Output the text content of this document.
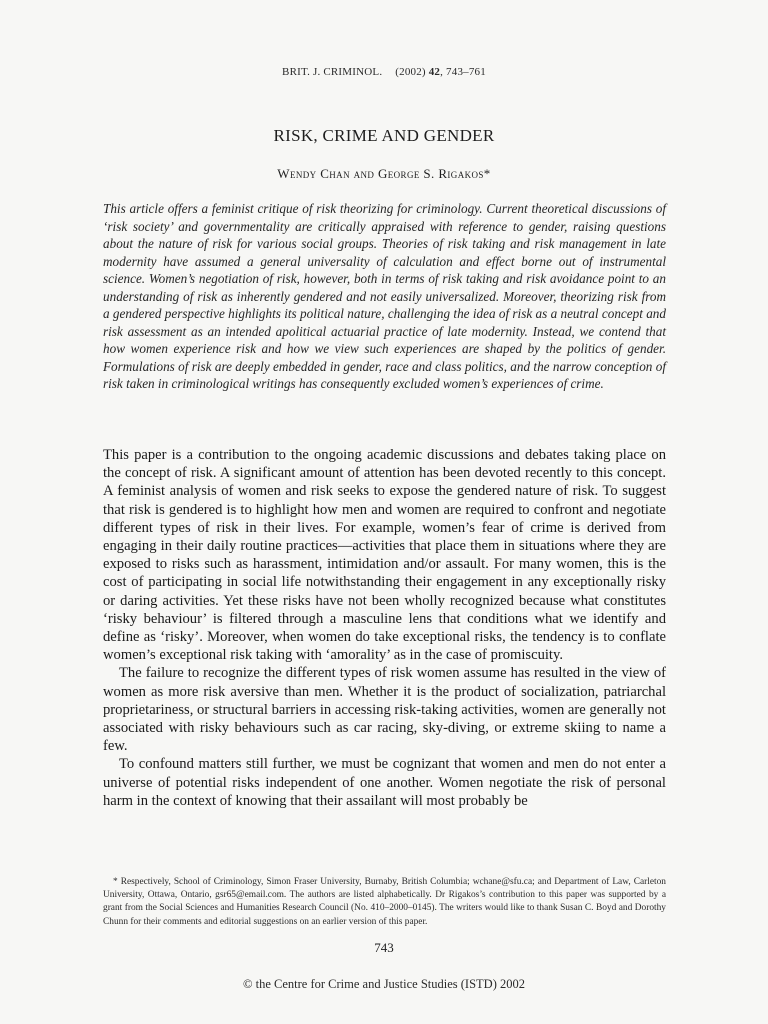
BRIT. J. CRIMINOL. (2002) 42, 743–761
RISK, CRIME AND GENDER
Wendy Chan and George S. Rigakos*
This article offers a feminist critique of risk theorizing for criminology. Current theoretical discussions of ‘risk society’ and governmentality are critically appraised with reference to gender, raising questions about the nature of risk for various social groups. Theories of risk taking and risk management in late modernity have assumed a general universality of calculation and effect borne out of instrumental science. Women’s negotiation of risk, however, both in terms of risk taking and risk avoidance point to an understanding of risk as inherently gendered and not easily universalized. Moreover, theorizing risk from a gendered perspective highlights its political nature, challenging the idea of risk as a neutral concept and risk assessment as an intended apolitical actuarial practice of late modernity. Instead, we contend that how women experience risk and how we view such experiences are shaped by the politics of gender. Formulations of risk are deeply embedded in gender, race and class politics, and the narrow conception of risk taken in criminological writings has consequently excluded women’s experiences of crime.

This paper is a contribution to the ongoing academic discussions and debates taking place on the concept of risk. A significant amount of attention has been devoted recently to this concept. A feminist analysis of women and risk seeks to expose the gendered nature of risk. To suggest that risk is gendered is to highlight how men and women are required to confront and negotiate different types of risk in their lives. For example, women’s fear of crime is derived from engaging in their daily routine practices—activities that place them in situations where they are exposed to risks such as harassment, intimidation and/or assault. For many women, this is the cost of participating in social life notwithstanding their engagement in any exceptionally risky or daring activities. Yet these risks have not been wholly recognized because what constitutes ‘risky behaviour’ is filtered through a masculine lens that conditions what we identify and define as ‘risky’. Moreover, when women do take exceptional risks, the tendency is to conflate women’s exceptional risk taking with ‘amorality’ as in the case of promiscuity.

The failure to recognize the different types of risk women assume has resulted in the view of women as more risk aversive than men. Whether it is the product of socialization, patriarchal proprietariness, or structural barriers in accessing risk-taking activities, women are generally not associated with risky behaviours such as car racing, sky-diving, or extreme skiing to name a few.

To confound matters still further, we must be cognizant that women and men do not enter a universe of potential risks independent of one another. Women negotiate the risk of personal harm in the context of knowing that their assailant will most probably be

* Respectively, School of Criminology, Simon Fraser University, Burnaby, British Columbia; wchane@sfu.ca; and Department of Law, Carleton University, Ottawa, Ontario, gsr65@email.com. The authors are listed alphabetically. Dr Rigakos’s contribution to this paper was supported by a grant from the Social Sciences and Humanities Research Council (No. 410–2000–0145). The writers would like to thank Susan C. Boyd and Dorothy Chunn for their comments and editorial suggestions on an earlier version of this paper.
743
© the Centre for Crime and Justice Studies (ISTD) 2002
